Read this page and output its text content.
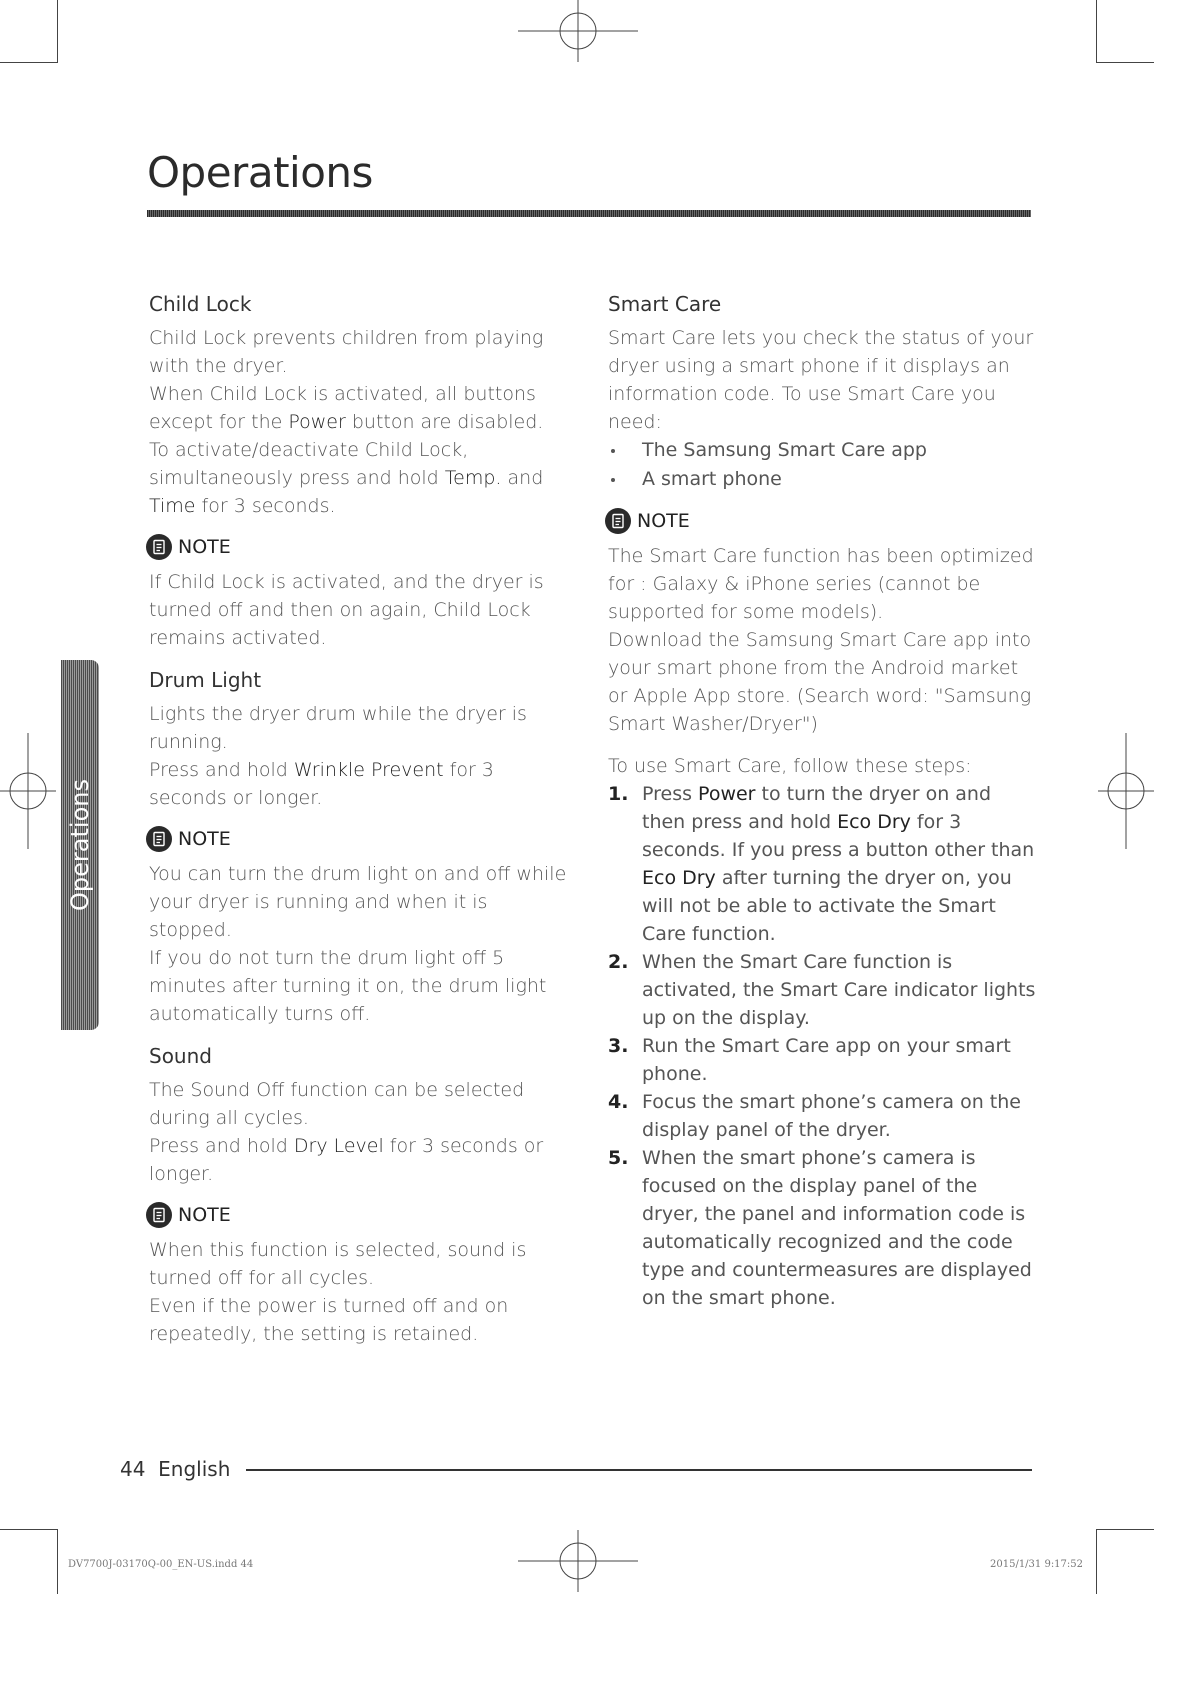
Operations
Operations
Child Lock

Child Lock prevents children from playing with the dryer.

When Child Lock is activated, all buttons except for the Power button are disabled.

To activate/deactivate Child Lock, simultaneously press and hold Temp. and Time for 3 seconds.

NOTE

If Child Lock is activated, and the dryer is turned off and then on again, Child Lock remains activated.

Drum Light

Lights the dryer drum while the dryer is running.

Press and hold Wrinkle Prevent for 3 seconds or longer.

NOTE

You can turn the drum light on and off while your dryer is running and when it is stopped.

If you do not turn the drum light off 5 minutes after turning it on, the drum light automatically turns off.

Sound

The Sound Off function can be selected during all cycles.

Press and hold Dry Level for 3 seconds or longer.

NOTE

When this function is selected, sound is turned off for all cycles.

Even if the power is turned off and on repeatedly, the setting is retained.

Smart Care

Smart Care lets you check the status of your dryer using a smart phone if it displays an information code. To use Smart Care you need:

The Samsung Smart Care app
A smart phone
NOTE

The Smart Care function has been optimized for : Galaxy & iPhone series (cannot be supported for some models).

Download the Samsung Smart Care app into your smart phone from the Android market or Apple App store. (Search word: "Samsung Smart Washer/Dryer")

To use Smart Care, follow these steps:

1. Press Power to turn the dryer on and then press and hold Eco Dry for 3 seconds. If you press a button other than Eco Dry after turning the dryer on, you will not be able to activate the Smart Care function.
2. When the Smart Care function is activated, the Smart Care indicator lights up on the display.
3. Run the Smart Care app on your smart phone.
4. Focus the smart phone’s camera on the display panel of the dryer.
5. When the smart phone’s camera is focused on the display panel of the dryer, the panel and information code is automatically recognized and the code type and countermeasures are displayed on the smart phone.
44 English
DV7700J-03170Q-00_EN-US.indd 44	2015/1/31 9:17:52
